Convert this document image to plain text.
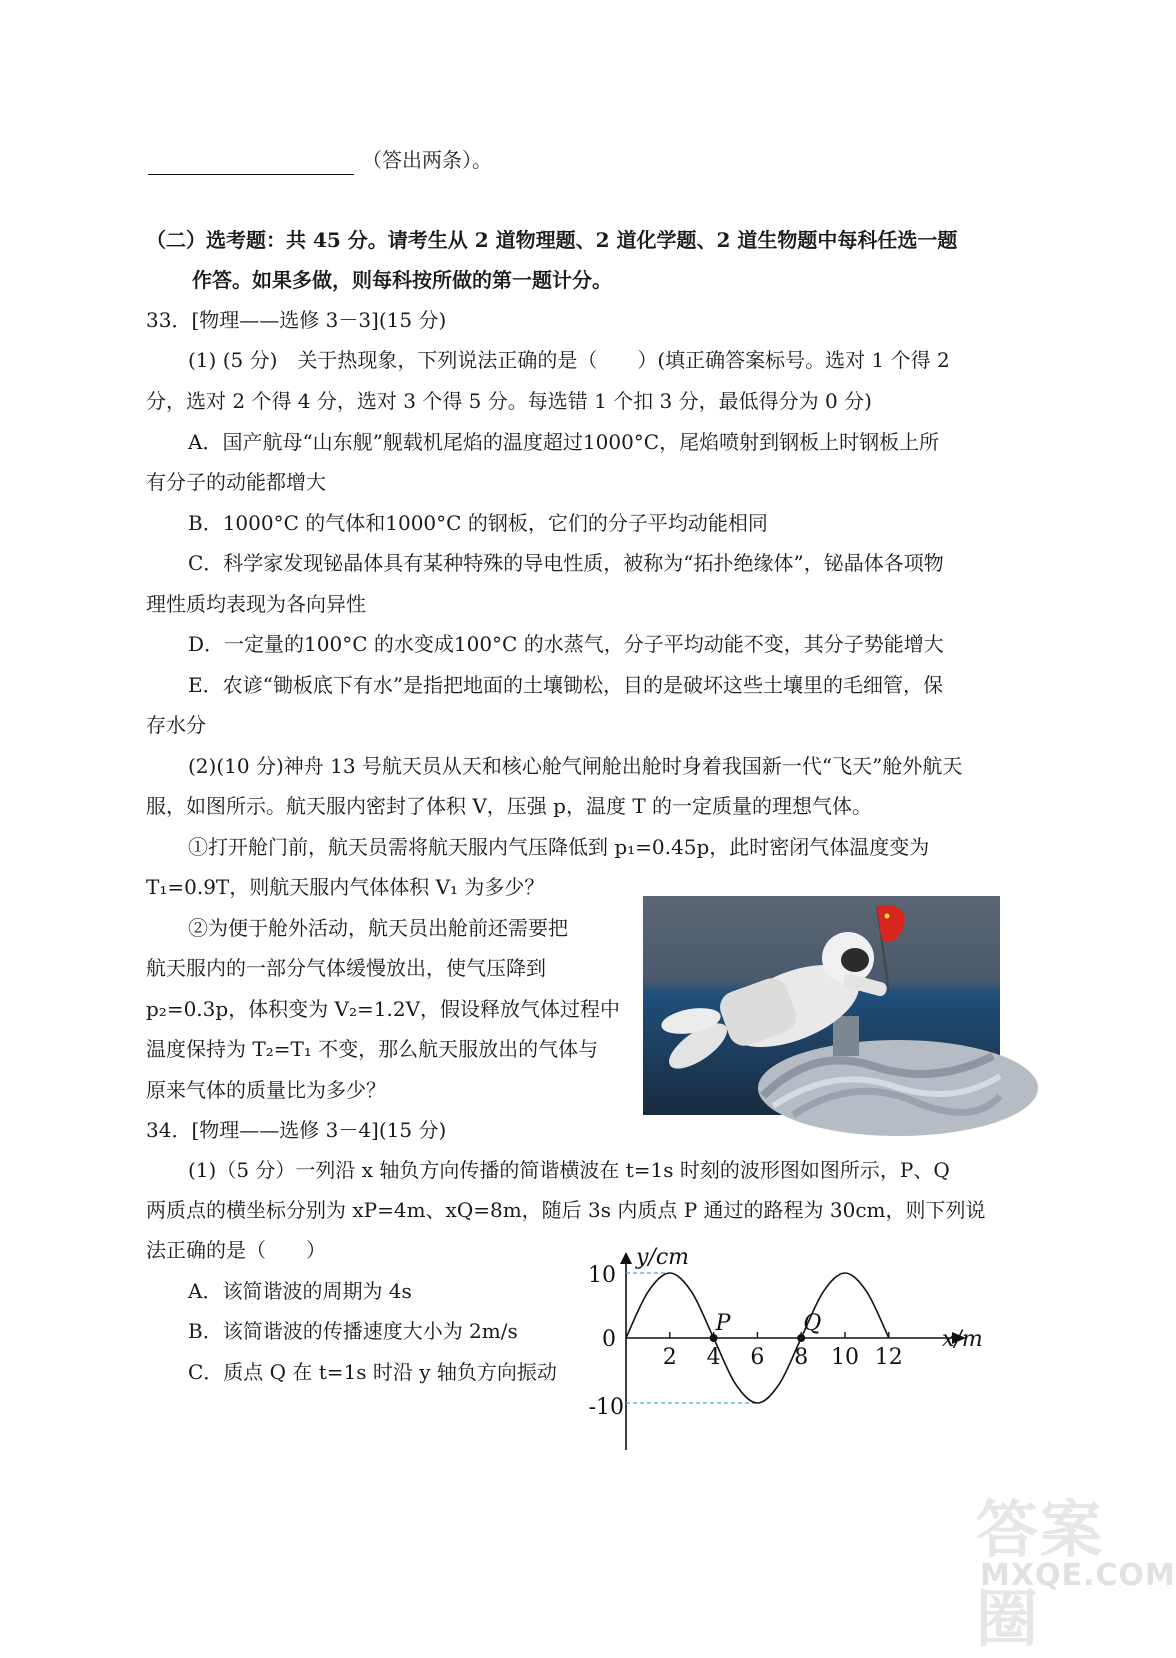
（答出两条）。
（二）选考题：共 45 分。请考生从 2 道物理题、2 道化学题、2 道生物题中每科任选一题
作答。如果多做，则每科按所做的第一题计分。
33．[物理——选修 3－3](15 分)
(1) (5 分)　关于热现象，下列说法正确的是（　　）(填正确答案标号。选对 1 个得 2
分，选对 2 个得 4 分，选对 3 个得 5 分。每选错 1 个扣 3 分，最低得分为 0 分)
A．国产航母“山东舰”舰载机尾焰的温度超过1000°C，尾焰喷射到钢板上时钢板上所
有分子的动能都增大
B．1000°C 的气体和1000°C 的钢板，它们的分子平均动能相同
C．科学家发现铋晶体具有某种特殊的导电性质，被称为“拓扑绝缘体”，铋晶体各项物
理性质均表现为各向异性
D．一定量的100°C 的水变成100°C 的水蒸气，分子平均动能不变，其分子势能增大
E．农谚“锄板底下有水”是指把地面的土壤锄松，目的是破坏这些土壤里的毛细管，保
存水分
(2)(10 分)神舟 13 号航天员从天和核心舱气闸舱出舱时身着我国新一代“飞天”舱外航天
服，如图所示。航天服内密封了体积 V，压强 p，温度 T 的一定质量的理想气体。
①打开舱门前，航天员需将航天服内气压降低到 p₁=0.45p，此时密闭气体温度变为
T₁=0.9T，则航天服内气体体积 V₁ 为多少？
②为便于舱外活动，航天员出舱前还需要把
航天服内的一部分气体缓慢放出，使气压降到
p₂=0.3p，体积变为 V₂=1.2V，假设释放气体过程中
温度保持为 T₂=T₁ 不变，那么航天服放出的气体与
原来气体的质量比为多少？
34．[物理——选修 3－4](15 分)
(1)（5 分）一列沿 x 轴负方向传播的简谐横波在 t=1s 时刻的波形图如图所示，P、Q
两质点的横坐标分别为 xP=4m、xQ=8m，随后 3s 内质点 P 通过的路程为 30cm，则下列说
法正确的是（　　）
A．该简谐波的周期为 4s
B．该简谐波的传播速度大小为 2m/s
C．质点 Q 在 t=1s 时沿 y 轴负方向振动
y/cm
x/m
10
0
-10
2 4 6 8 10 12
P	Q
答案圈
MXQE.COM
